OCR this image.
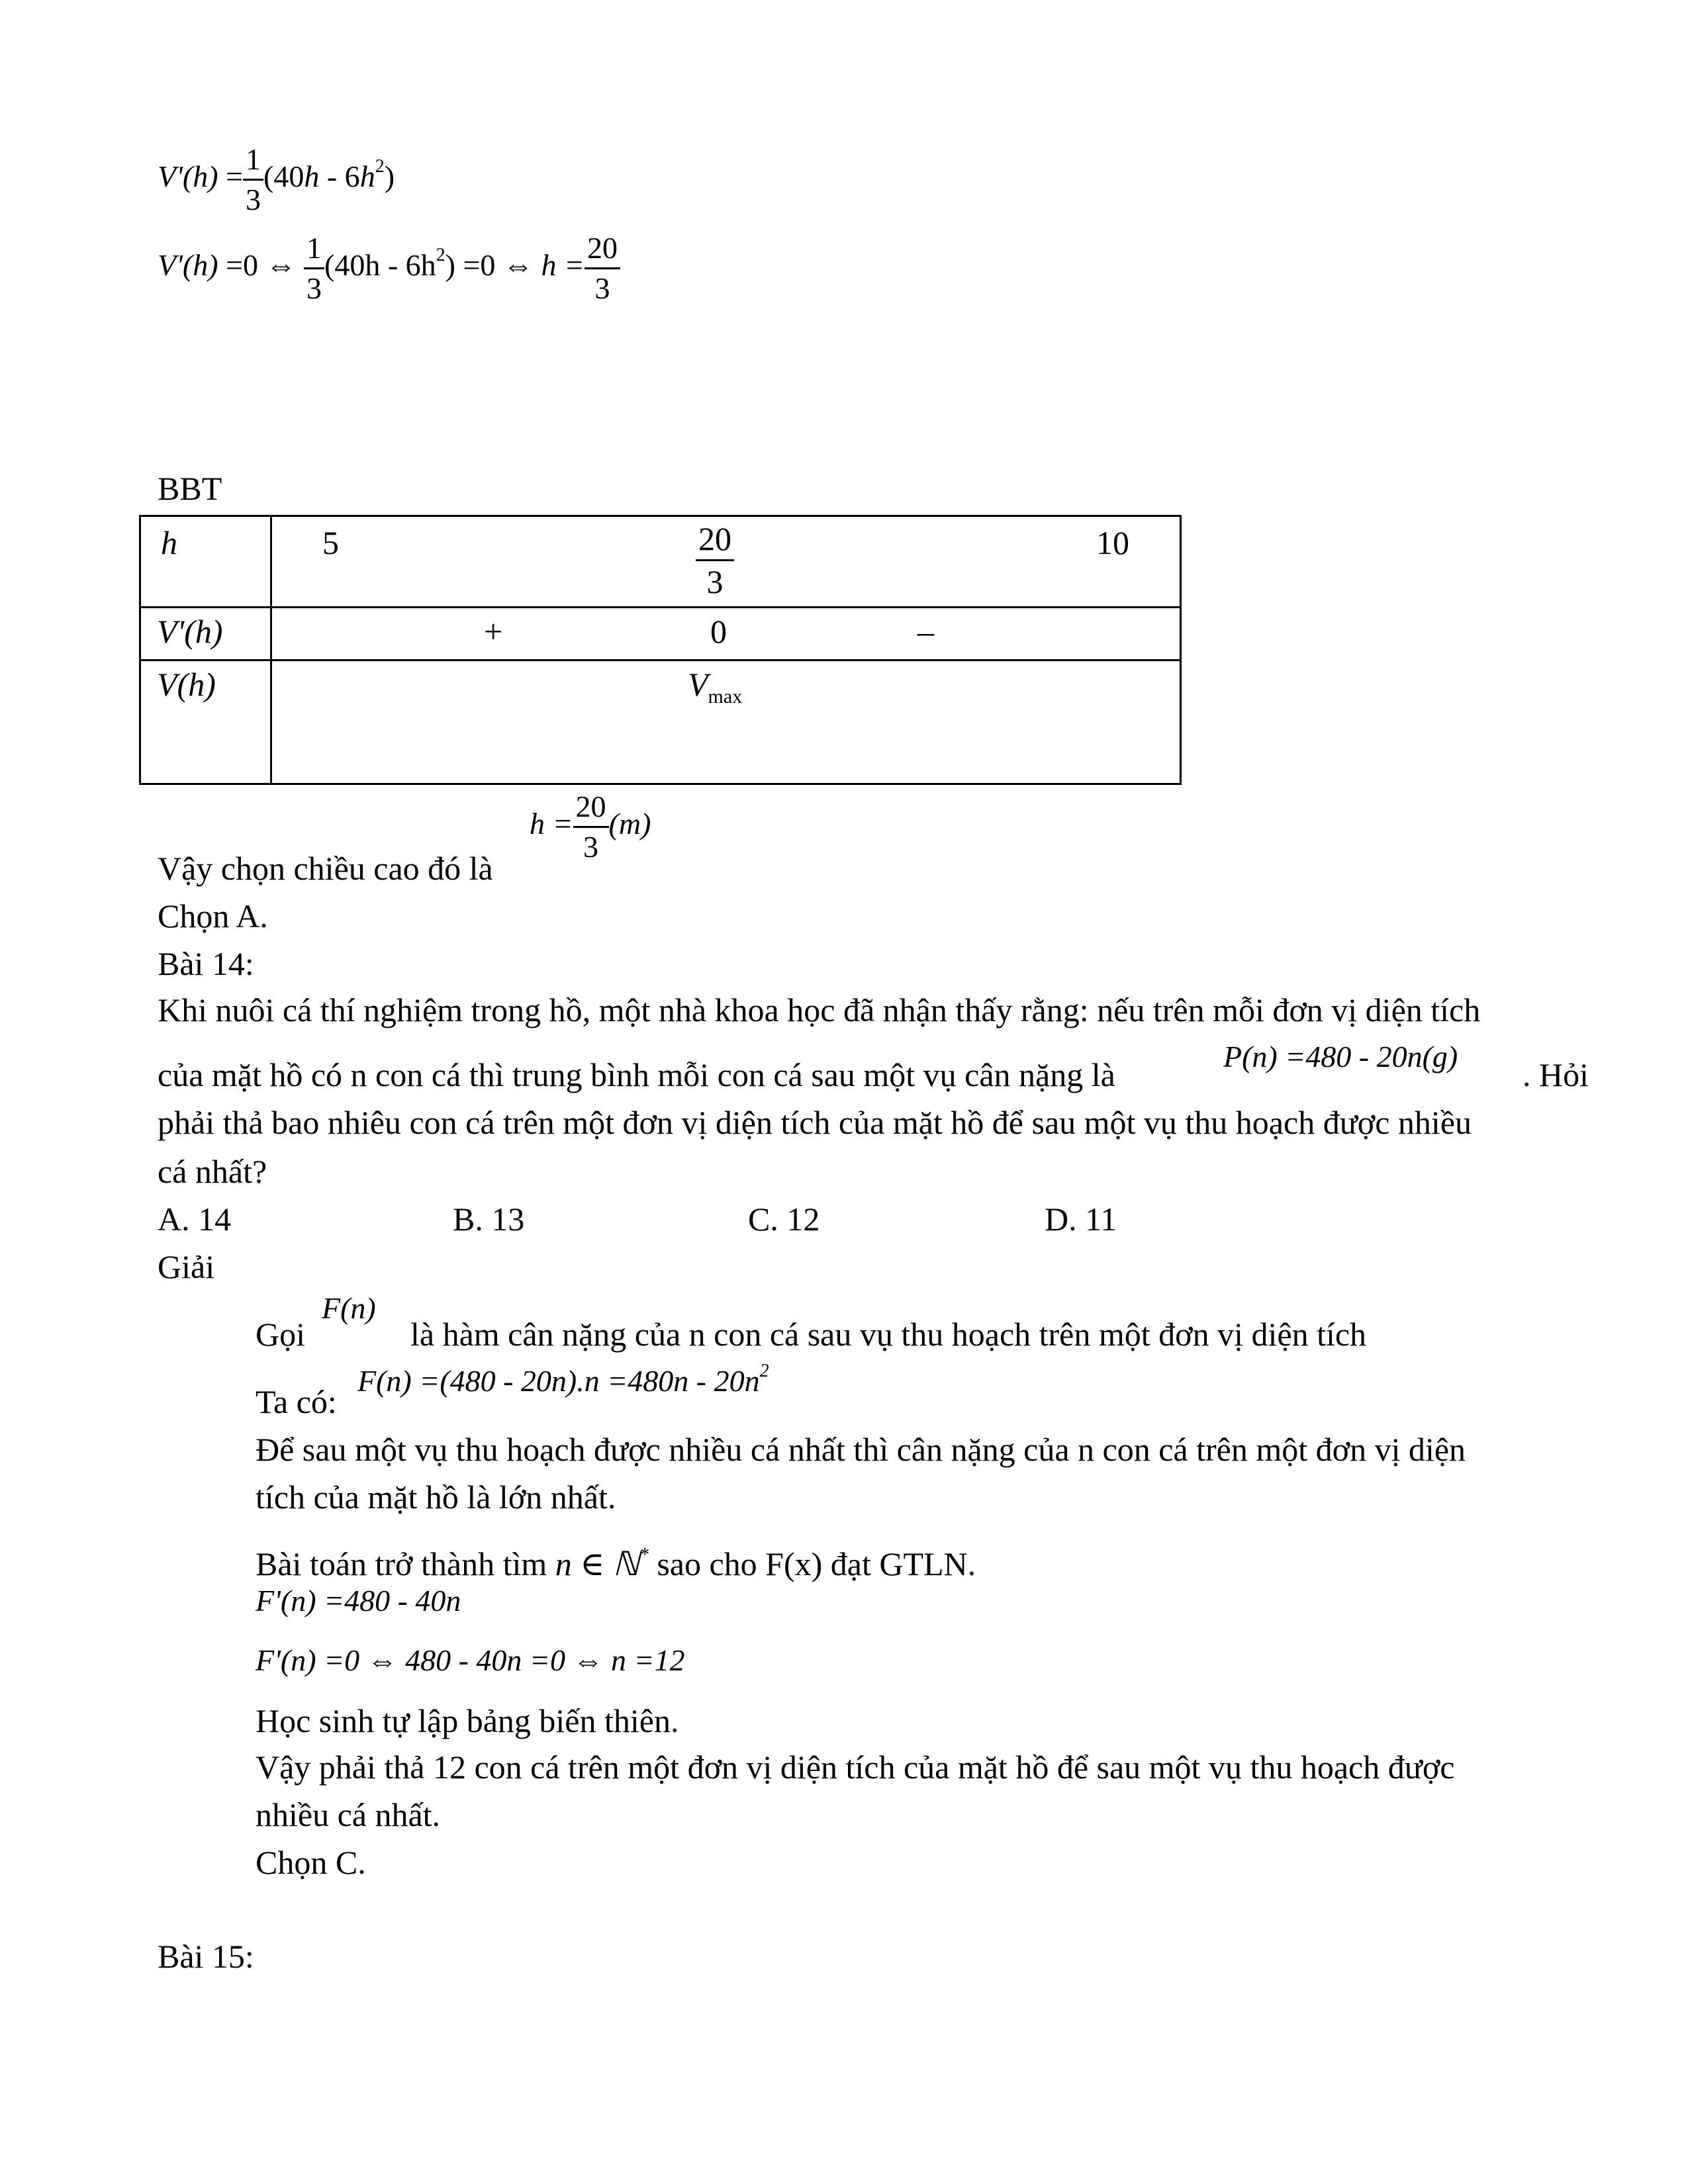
$V'(h) = \frac{1}{3} (40h - 6h^2)$
V'(h) =0 ⇔ $\frac{1}{3} (40h - 6h^2) =0$ ⇔ $h = \frac{20}{3}$
BBT
h	$5 \frac{20}{3} 10$

V'(h)	+ 0 –

V(h)	$V_{max}$
$h = \frac{20}{3} (m)$
Vậy chọn chiều cao đó là
Chọn A.
Bài 14:
Khi nuôi cá thí nghiệm trong hồ, một nhà khoa học đã nhận thấy rằng: nếu trên mỗi đơn vị diện tích
của mặt hồ có n con cá thì trung bình mỗi con cá sau một vụ cân nặng là	P(n) =480 - 20n(g) . Hỏi
phải thả bao nhiêu con cá trên một đơn vị diện tích của mặt hồ để sau một vụ thu hoạch được nhiều
cá nhất?
A. 14	B. 13	C. 12	D. 11
Giải
Gọi
F(n)
là hàm cân nặng của n con cá sau vụ thu hoạch trên một đơn vị diện tích
$F(n) =(480 - 20n).n =480n - 20n^2$
Ta có:
Để sau một vụ thu hoạch được nhiều cá nhất thì cân nặng của n con cá trên một đơn vị diện
tích của mặt hồ là lớn nhất.
Bài toán trở thành tìm n ∈ ℕ* sao cho F(x) đạt GTLN.
F'(n) =480 - 40n
F'(n) =0 ⇔ 480 - 40n =0 ⇔ n =12
Học sinh tự lập bảng biến thiên.
Vậy phải thả 12 con cá trên một đơn vị diện tích của mặt hồ để sau một vụ thu hoạch được
nhiều cá nhất.
Chọn C.
Bài 15:
